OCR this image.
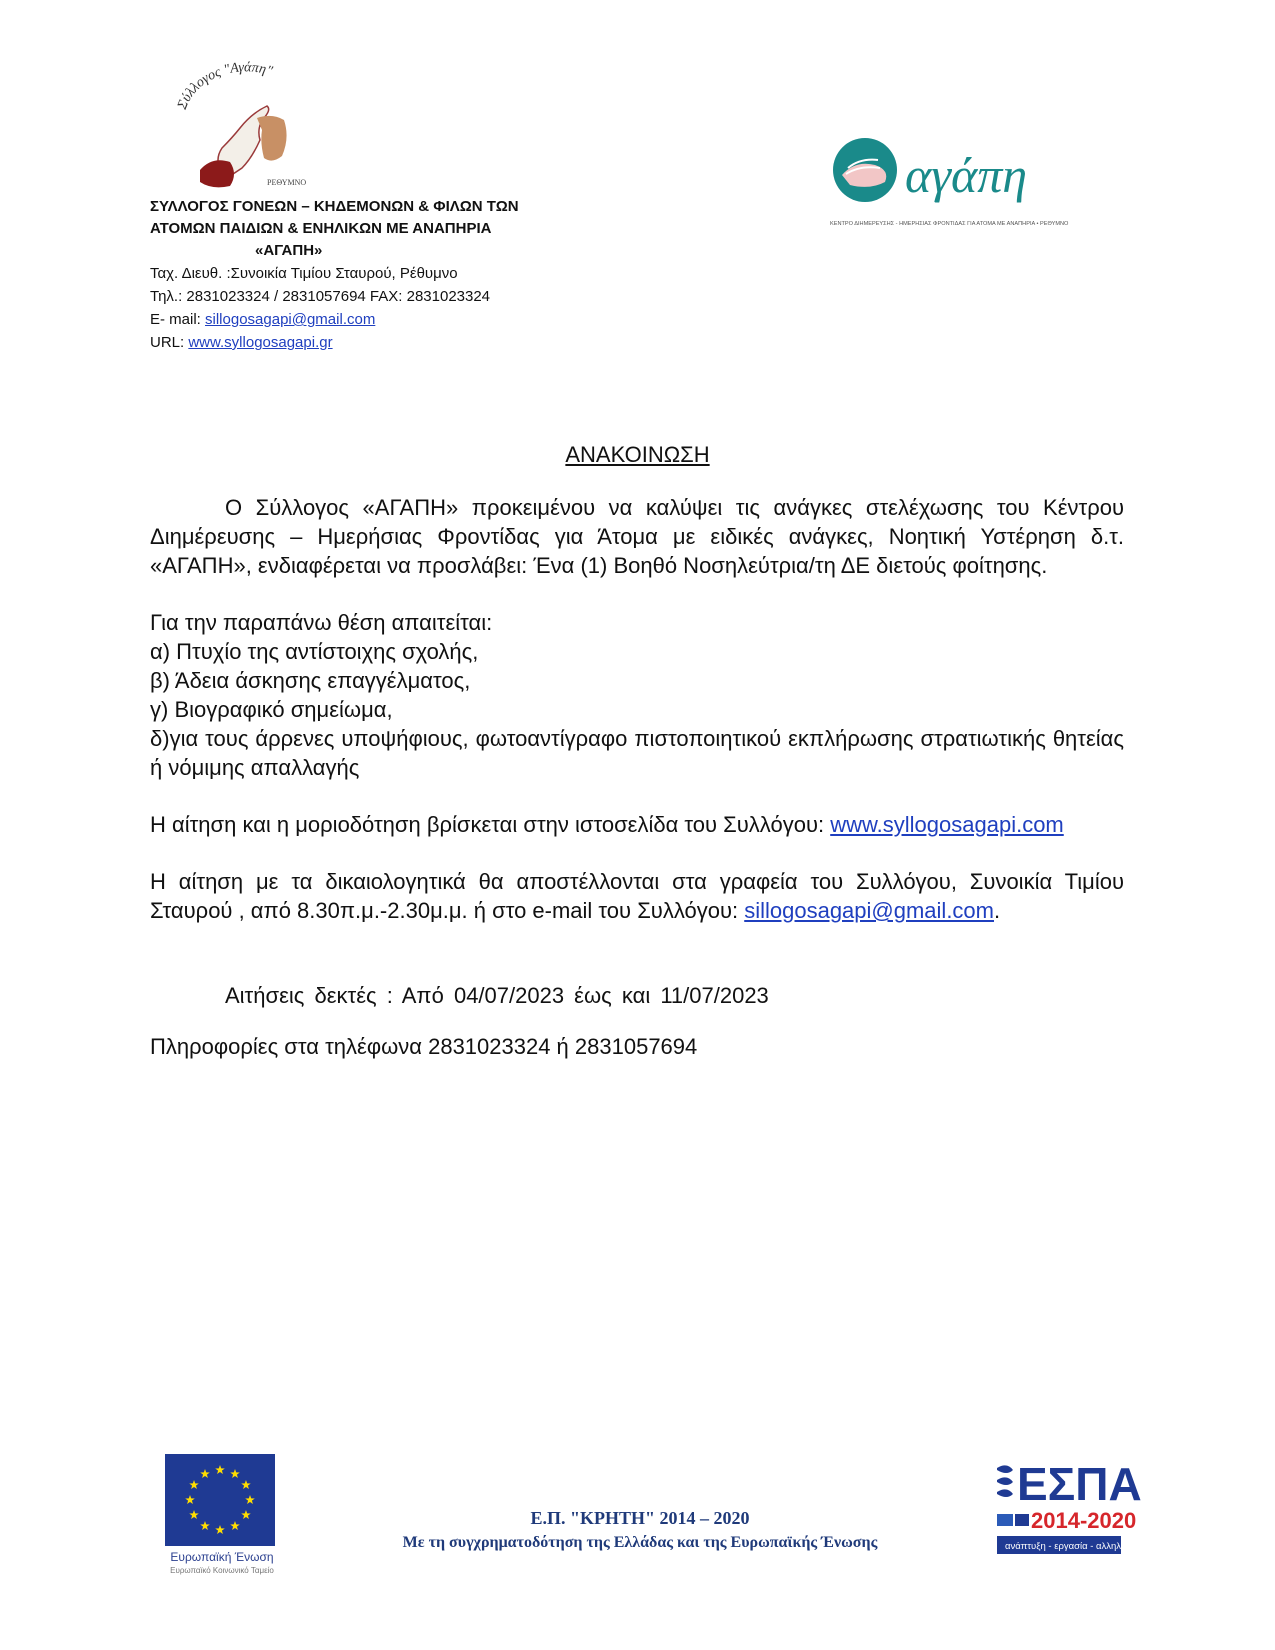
Σύλλογος "Αγάπη"
ΡΕΘΥΜΝΟ
ΣΥΛΛΟΓΟΣ ΓΟΝΕΩΝ – ΚΗΔΕΜΟΝΩΝ & ΦΙΛΩΝ ΤΩΝ
ΑΤΟΜΩΝ ΠΑΙΔΙΩΝ & ΕΝΗΛΙΚΩΝ ΜΕ ΑΝΑΠΗΡΙΑ
«ΑΓΑΠΗ»
Ταχ. Διευθ. :Συνοικία Τιμίου Σταυρού, Ρέθυμνο
Τηλ.: 2831023324 / 2831057694 FAX: 2831023324
E- mail: sillogosagapi@gmail.com
URL: www.syllogosagapi.gr
αγάπη
ΚΕΝΤΡΟ ΔΙΗΜΕΡΕΥΣΗΣ - ΗΜΕΡΗΣΙΑΣ ΦΡΟΝΤΙΔΑΣ ΓΙΑ ΑΤΟΜΑ ΜΕ ΑΝΑΠΗΡΙΑ • ΡΕΘΥΜΝΟ
ΑΝΑΚΟΙΝΩΣΗ

Ο Σύλλογος «ΑΓΑΠΗ» προκειμένου να καλύψει τις ανάγκες στελέχωσης του Κέντρου Διημέρευσης – Ημερήσιας Φροντίδας για Άτομα με ειδικές ανάγκες, Νοητική Υστέρηση δ.τ. «ΑΓΑΠΗ», ενδιαφέρεται να προσλάβει: Ένα (1) Βοηθό Νοσηλεύτρια/τη ΔΕ διετούς φοίτησης.

Για την παραπάνω θέση απαιτείται:

α) Πτυχίο της αντίστοιχης σχολής,

β) Άδεια άσκησης επαγγέλματος,

γ) Βιογραφικό σημείωμα,

δ)για τους άρρενες υποψήφιους, φωτοαντίγραφο πιστοποιητικού εκπλήρωσης στρατιωτικής θητείας ή νόμιμης απαλλαγής

Η αίτηση και η μοριοδότηση βρίσκεται στην ιστοσελίδα του Συλλόγου: www.syllogosagapi.com

Η αίτηση με τα δικαιολογητικά θα αποστέλλονται στα γραφεία του Συλλόγου, Συνοικία Τιμίου Σταυρού , από 8.30π.μ.-2.30μ.μ. ή στο e-mail του Συλλόγου: sillogosagapi@gmail.com.

Αιτήσεις δεκτές : Από 04/07/2023 έως και 11/07/2023

Πληροφορίες στα τηλέφωνα 2831023324 ή 2831057694

Ευρωπαϊκή Ένωση
Ευρωπαϊκό Κοινωνικό Ταμείο
Ε.Π. "ΚΡΗΤΗ" 2014 – 2020
Με τη συγχρηματοδότηση της Ελλάδας και της Ευρωπαϊκής Ένωσης
ΕΣΠΑ
2014-2020
ανάπτυξη - εργασία - αλληλεγγύη
